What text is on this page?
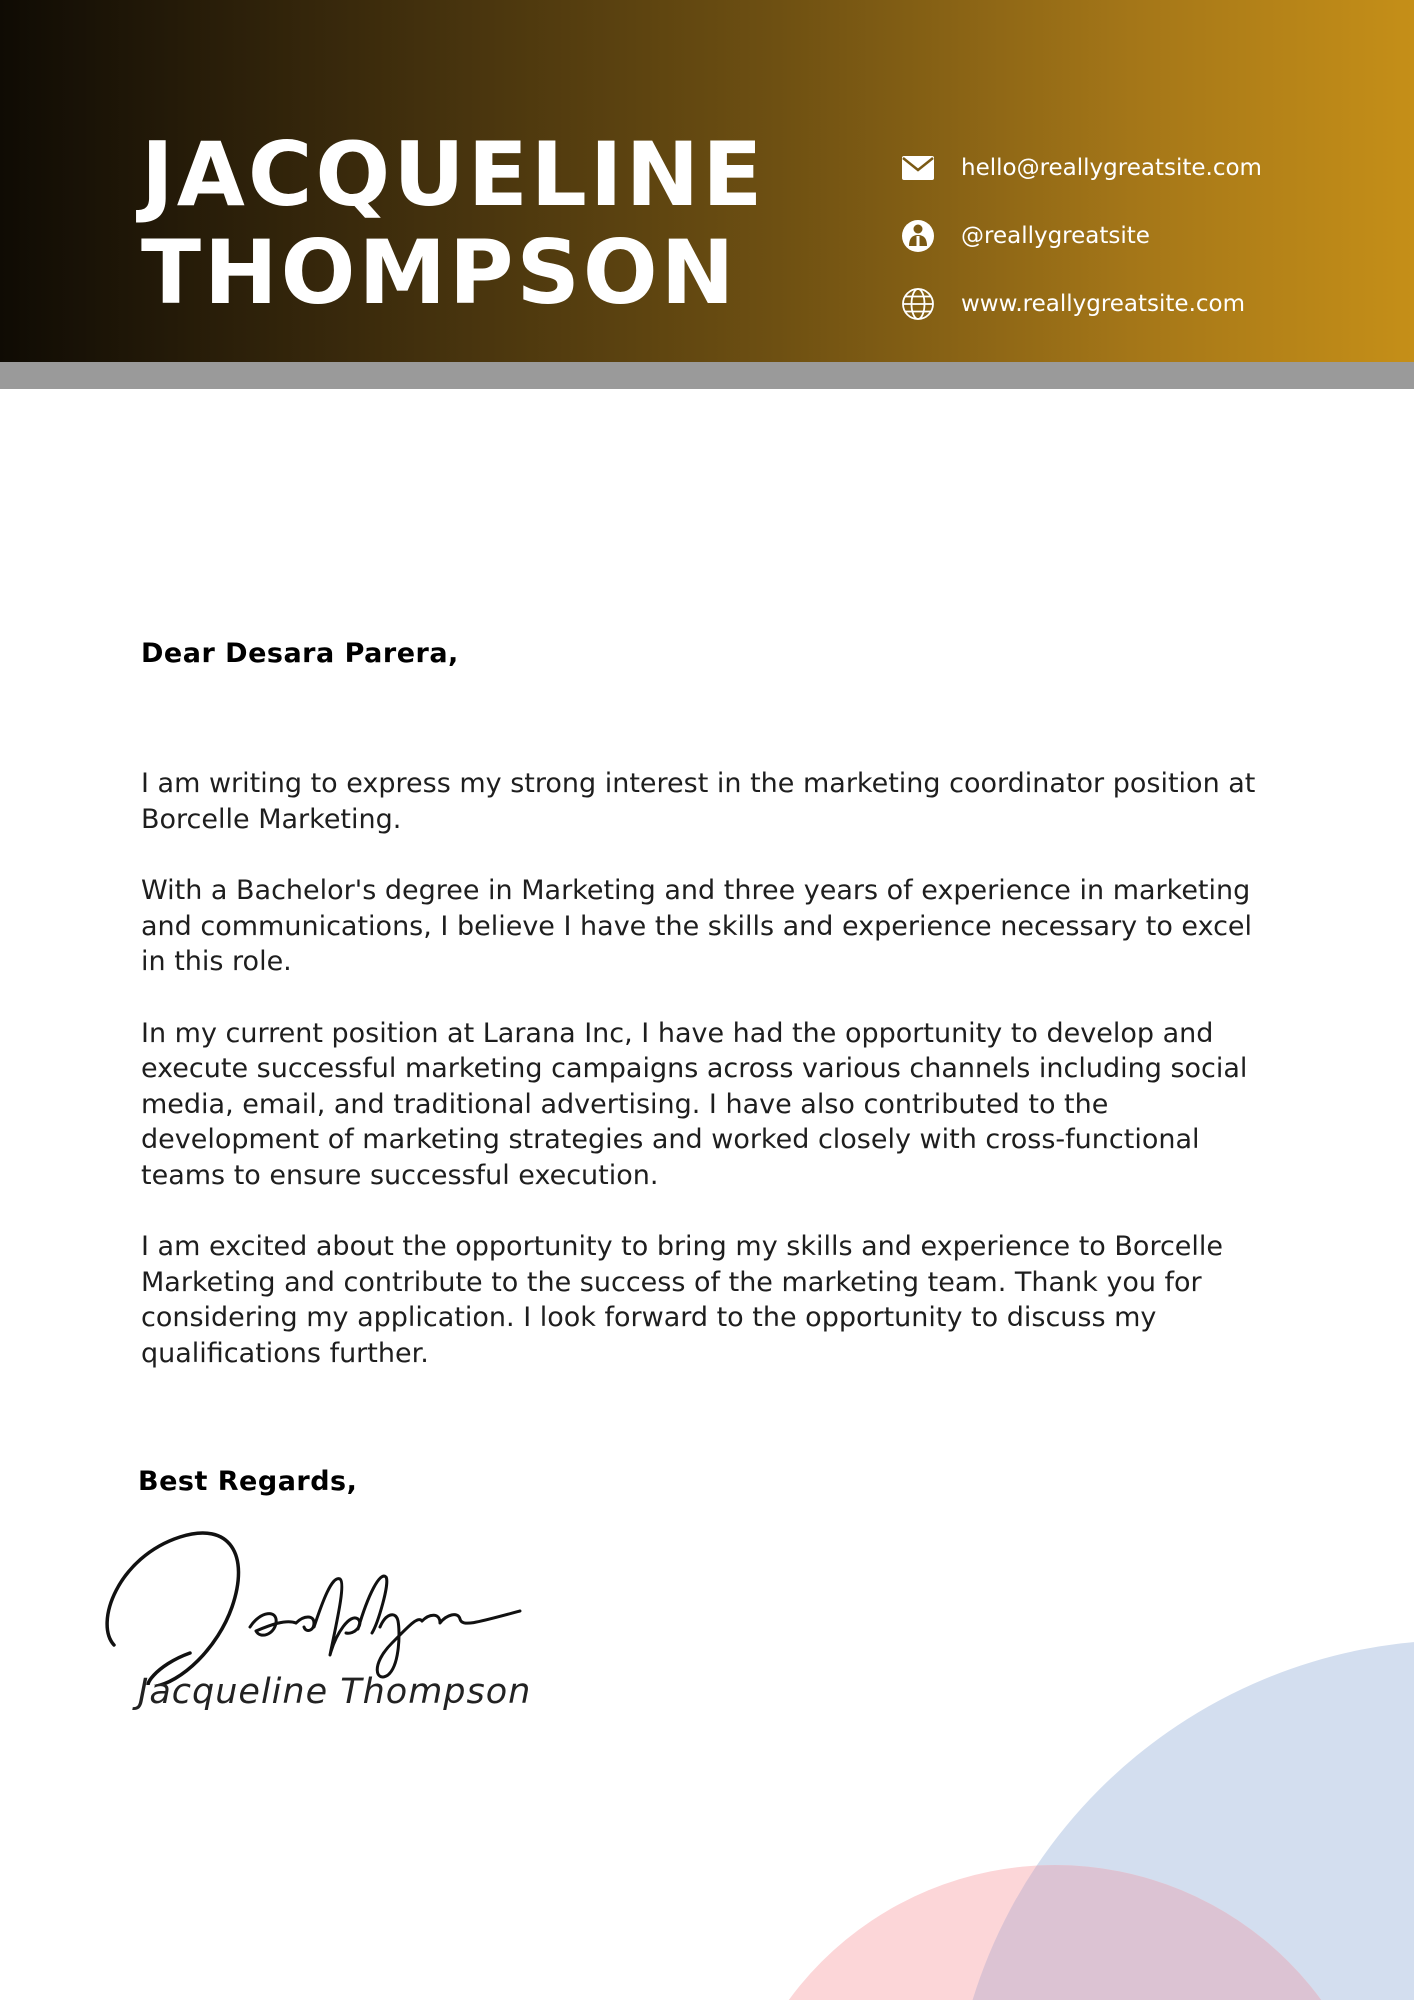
JACQUELINE
THOMPSON
hello@reallygreatsite.com
@reallygreatsite
www.reallygreatsite.com

Dear Desara Parera,

I am writing to express my strong interest in the marketing coordinator position at Borcelle Marketing.

With a Bachelor's degree in Marketing and three years of experience in marketing and communications, I believe I have the skills and experience necessary to excel in this role.

In my current position at Larana Inc, I have had the opportunity to develop and execute successful marketing campaigns across various channels including social media, email, and traditional advertising. I have also contributed to the development of marketing strategies and worked closely with cross-functional teams to ensure successful execution.

I am excited about the opportunity to bring my skills and experience to Borcelle Marketing and contribute to the success of the marketing team. Thank you for considering my application. I look forward to the opportunity to discuss my qualifications further.

Best Regards,

Jacqueline Thompson
